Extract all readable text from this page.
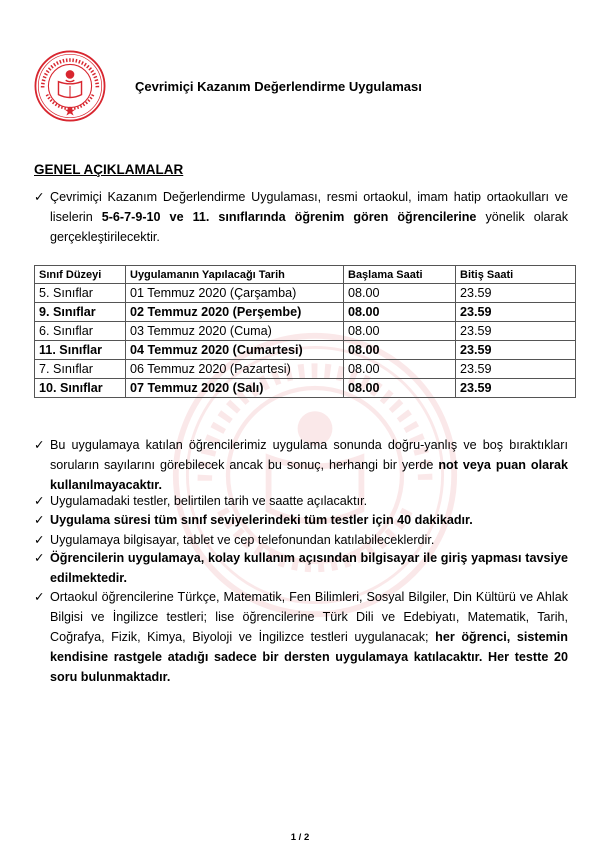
Çevrimiçi Kazanım Değerlendirme Uygulaması
GENEL AÇIKLAMALAR
✓ Çevrimiçi Kazanım Değerlendirme Uygulaması, resmi ortaokul, imam hatip ortaokulları ve liselerin 5-6-7-9-10 ve 11. sınıflarında öğrenim gören öğrencilerine yönelik olarak gerçekleştirilecektir.
Sınıf Düzeyi	Uygulamanın Yapılacağı Tarih	Başlama Saati	Bitiş Saati
5. Sınıflar	01 Temmuz 2020 (Çarşamba)	08.00	23.59
9. Sınıflar	02 Temmuz 2020 (Perşembe)	08.00	23.59
6. Sınıflar	03 Temmuz 2020 (Cuma)	08.00	23.59
11. Sınıflar	04 Temmuz 2020 (Cumartesi)	08.00	23.59
7. Sınıflar	06 Temmuz 2020 (Pazartesi)	08.00	23.59
10. Sınıflar	07 Temmuz 2020 (Salı)	08.00	23.59
✓ Bu uygulamaya katılan öğrencilerimiz uygulama sonunda doğru-yanlış ve boş bıraktıkları soruların sayılarını görebilecek ancak bu sonuç, herhangi bir yerde not veya puan olarak kullanılmayacaktır.
✓ Uygulamadaki testler, belirtilen tarih ve saatte açılacaktır.
✓ Uygulama süresi tüm sınıf seviyelerindeki tüm testler için 40 dakikadır.
✓ Uygulamaya bilgisayar, tablet ve cep telefonundan katılabileceklerdir.
✓ Öğrencilerin uygulamaya, kolay kullanım açısından bilgisayar ile giriş yapması tavsiye edilmektedir.
✓ Ortaokul öğrencilerine Türkçe, Matematik, Fen Bilimleri, Sosyal Bilgiler, Din Kültürü ve Ahlak Bilgisi ve İngilizce testleri; lise öğrencilerine Türk Dili ve Edebiyatı, Matematik, Tarih, Coğrafya, Fizik, Kimya, Biyoloji ve İngilizce testleri uygulanacak; her öğrenci, sistemin kendisine rastgele atadığı sadece bir dersten uygulamaya katılacaktır. Her testte 20 soru bulunmaktadır.
1 / 2
